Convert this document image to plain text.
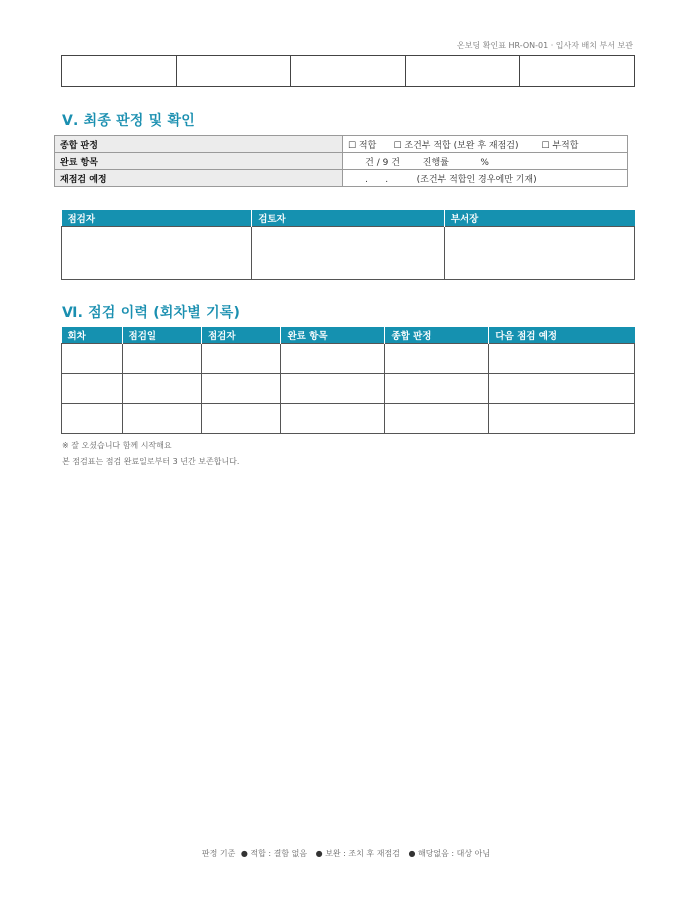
온보딩 확인표 HR-ON-01 · 입사자 배치 부서 보관
Ⅴ. 최종 판정 및 확인
종합 판정	☐ 적합      ☐ 조건부 적합 (보완 후 재점검)        ☐ 부적합
완료 항목	건 / 9 건        진행률           %
재점검 예정	.      .          (조건부 적합인 경우에만 기재)
점검자	검토자	부서장

Ⅵ. 점검 이력 (회차별 기록)
회차	점검일	점검자	완료 항목	종합 판정	다음 점검 예정

※ 잘 오셨습니다 함께 시작해요
본 점검표는 점검 완료일로부터 3 년간 보존합니다.
판정 기준 ● 적합 : 결함 없음 ● 보완 : 조치 후 재점검 ● 해당없음 : 대상 아님
